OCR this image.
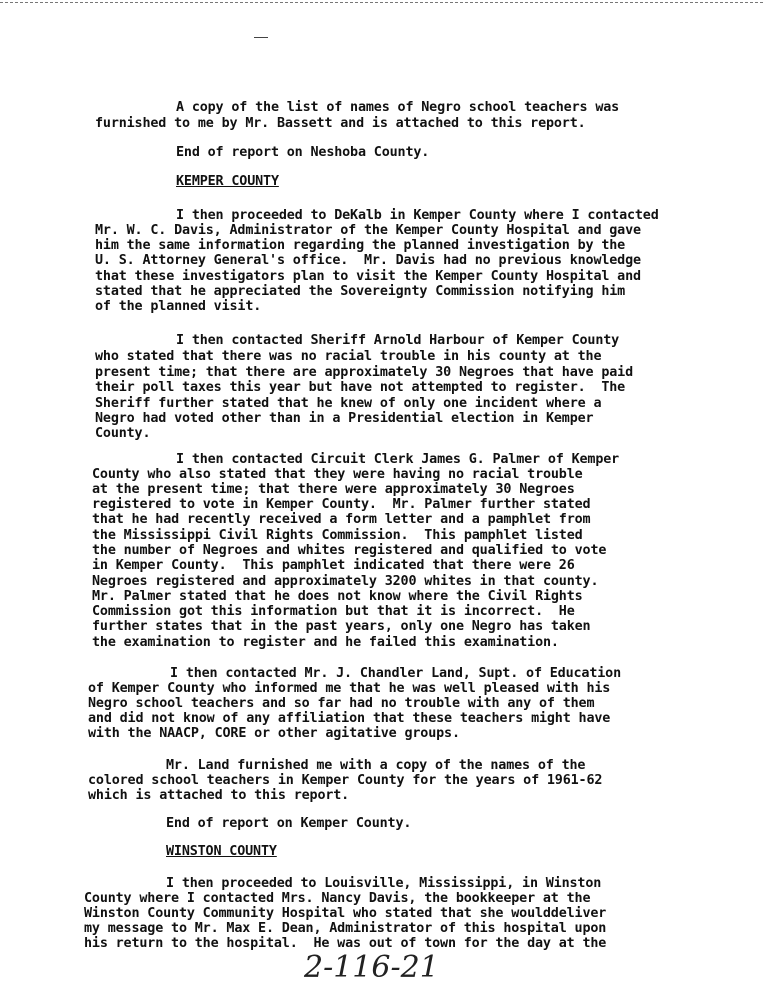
A copy of the list of names of Negro school teachers was
furnished to me by Mr. Bassett and is attached to this report.
End of report on Neshoba County.
KEMPER COUNTY
I then proceeded to DeKalb in Kemper County where I contacted
Mr. W. C. Davis, Administrator of the Kemper County Hospital and gave
him the same information regarding the planned investigation by the
U. S. Attorney General's office.  Mr. Davis had no previous knowledge
that these investigators plan to visit the Kemper County Hospital and
stated that he appreciated the Sovereignty Commission notifying him
of the planned visit.
I then contacted Sheriff Arnold Harbour of Kemper County
who stated that there was no racial trouble in his county at the
present time; that there are approximately 30 Negroes that have paid
their poll taxes this year but have not attempted to register.  The
Sheriff further stated that he knew of only one incident where a
Negro had voted other than in a Presidential election in Kemper
County.
I then contacted Circuit Clerk James G. Palmer of Kemper
County who also stated that they were having no racial trouble
at the present time; that there were approximately 30 Negroes
registered to vote in Kemper County.  Mr. Palmer further stated
that he had recently received a form letter and a pamphlet from
the Mississippi Civil Rights Commission.  This pamphlet listed
the number of Negroes and whites registered and qualified to vote
in Kemper County.  This pamphlet indicated that there were 26
Negroes registered and approximately 3200 whites in that county.
Mr. Palmer stated that he does not know where the Civil Rights
Commission got this information but that it is incorrect.  He
further states that in the past years, only one Negro has taken
the examination to register and he failed this examination.
I then contacted Mr. J. Chandler Land, Supt. of Education
of Kemper County who informed me that he was well pleased with his
Negro school teachers and so far had no trouble with any of them
and did not know of any affiliation that these teachers might have
with the NAACP, CORE or other agitative groups.
Mr. Land furnished me with a copy of the names of the
colored school teachers in Kemper County for the years of 1961-62
which is attached to this report.
End of report on Kemper County.
WINSTON COUNTY
I then proceeded to Louisville, Mississippi, in Winston
County where I contacted Mrs. Nancy Davis, the bookkeeper at the
Winston County Community Hospital who stated that she woulddeliver
my message to Mr. Max E. Dean, Administrator of this hospital upon
his return to the hospital.  He was out of town for the day at the
2-116-21
